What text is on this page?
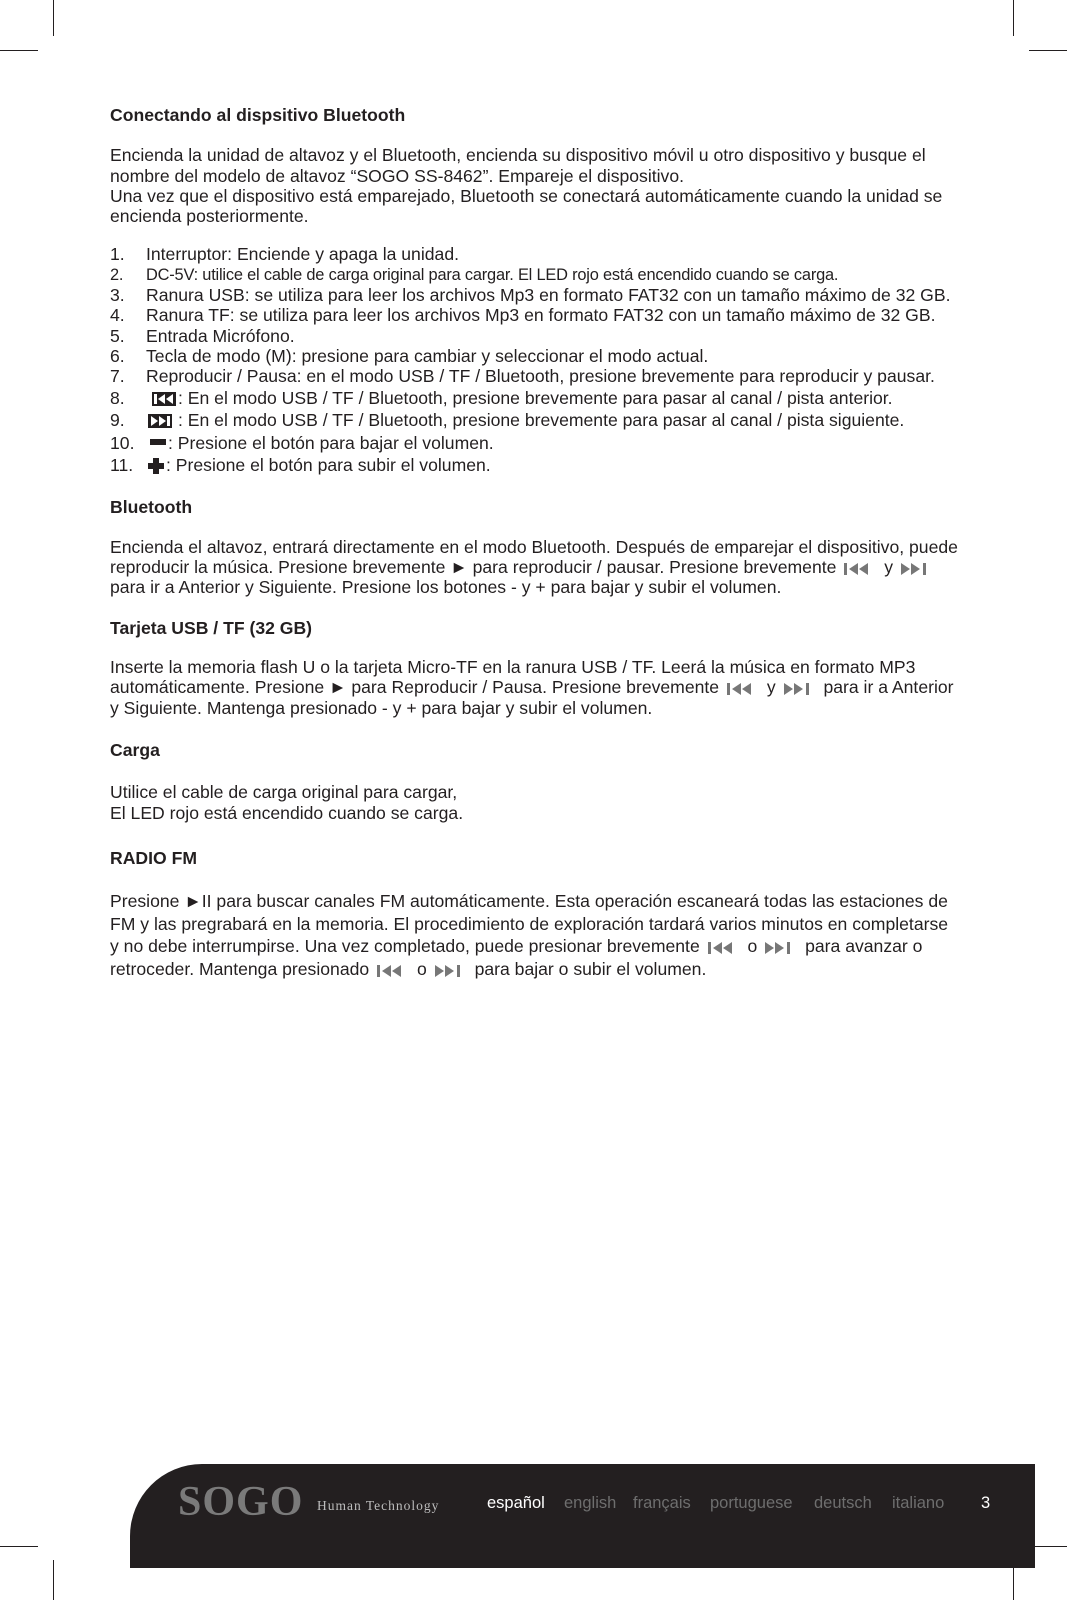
Conectando al dispsitivo Bluetooth

Encienda la unidad de altavoz y el Bluetooth, encienda su dispositivo móvil u otro dispositivo y busque el nombre del modelo de altavoz “SOGO SS-8462”. Empareje el dispositivo.

Una vez que el dispositivo está emparejado, Bluetooth se conectará automáticamente cuando la unidad se encienda posteriormente.

1. Interruptor: Enciende y apaga la unidad.
2. DC-5V: utilice el cable de carga original para cargar. El LED rojo está encendido cuando se carga.
3. Ranura USB: se utiliza para leer los archivos Mp3 en formato FAT32 con un tamaño máximo de 32 GB.
4. Ranura TF: se utiliza para leer los archivos Mp3 en formato FAT32 con un tamaño máximo de 32 GB.
5. Entrada Micrófono.
6. Tecla de modo (M): presione para cambiar y seleccionar el modo actual.
7. Reproducir / Pausa: en el modo USB / TF / Bluetooth, presione brevemente para reproducir y pausar.
8.	: En el modo USB / TF / Bluetooth, presione brevemente para pasar al canal / pista anterior.
9.	: En el modo USB / TF / Bluetooth, presione brevemente para pasar al canal / pista siguiente.
10. : Presione el botón para bajar el volumen.
11. : Presione el botón para subir el volumen.

Bluetooth

Encienda el altavoz, entrará directamente en el modo Bluetooth. Después de emparejar el dispositivo, puede reproducir la música. Presione brevemente ► para reproducir / pausar. Presione brevemente	y
para ir a Anterior y Siguiente. Presione los botones - y + para bajar y subir el volumen.

Tarjeta USB / TF (32 GB)

Inserte la memoria flash U o la tarjeta Micro-TF en la ranura USB / TF. Leerá la música en formato MP3 automáticamente. Presione ► para Reproducir / Pausa. Presione brevemente	y	para ir a Anterior y Siguiente. Mantenga presionado - y + para bajar y subir el volumen.

Carga

Utilice el cable de carga original para cargar,

El LED rojo está encendido cuando se carga.

RADIO FM

Presione ►II para buscar canales FM automáticamente. Esta operación escaneará todas las estaciones de FM y las pregrabará en la memoria. El procedimiento de exploración tardará varios minutos en completarse y no debe interrumpirse. Una vez completado, puede presionar brevemente	o	para avanzar o retroceder. Mantenga presionado	o	para bajar o subir el volumen.

SOGO Human Technology	español english français portuguese deutsch italiano 3
